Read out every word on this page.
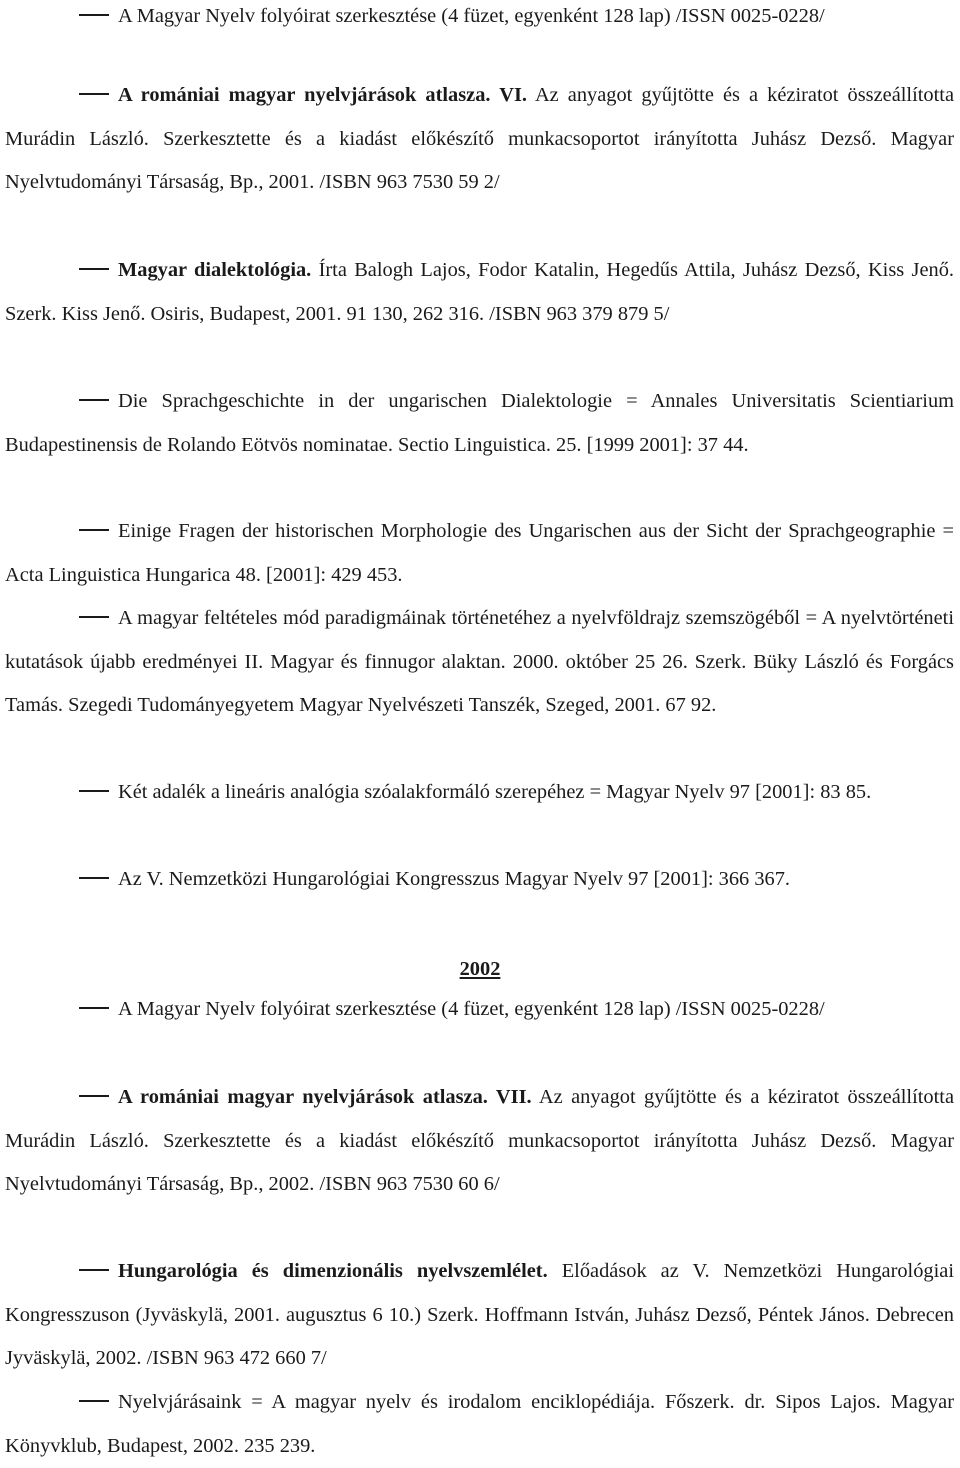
A Magyar Nyelv folyóirat szerkesztése (4 füzet, egyenként 128 lap) /ISSN 0025-0228/

A romániai magyar nyelvjárások atlasza. VI. Az anyagot gyűjtötte és a kéziratot összeállította Murádin László. Szerkesztette és a kiadást előkészítő munkacsoportot irányította Juhász Dezső. Magyar Nyelvtudományi Társaság, Bp., 2001. /ISBN 963 7530 59 2/

Magyar dialektológia. Írta Balogh Lajos, Fodor Katalin, Hegedűs Attila, Juhász Dezső, Kiss Jenő. Szerk. Kiss Jenő. Osiris, Budapest, 2001. 91 130, 262 316. /ISBN 963 379 879 5/

Die Sprachgeschichte in der ungarischen Dialektologie = Annales Universitatis Scientiarium Budapestinensis de Rolando Eötvös nominatae. Sectio Linguistica. 25. [1999 2001]: 37 44.

Einige Fragen der historischen Morphologie des Ungarischen aus der Sicht der Sprachgeographie = Acta Linguistica Hungarica 48. [2001]: 429 453.

A magyar feltételes mód paradigmáinak történetéhez a nyelvföldrajz szemszögéből = A nyelvtörténeti kutatások újabb eredményei II. Magyar és finnugor alaktan. 2000. október 25 26. Szerk. Büky László és Forgács Tamás. Szegedi Tudományegyetem Magyar Nyelvészeti Tanszék, Szeged, 2001. 67 92.

Két adalék a lineáris analógia szóalakformáló szerepéhez = Magyar Nyelv 97 [2001]: 83 85.

Az V. Nemzetközi Hungarológiai Kongresszus Magyar Nyelv 97 [2001]: 366 367.

2002

A Magyar Nyelv folyóirat szerkesztése (4 füzet, egyenként 128 lap) /ISSN 0025-0228/

A romániai magyar nyelvjárások atlasza. VII. Az anyagot gyűjtötte és a kéziratot összeállította Murádin László. Szerkesztette és a kiadást előkészítő munkacsoportot irányította Juhász Dezső. Magyar Nyelvtudományi Társaság, Bp., 2002. /ISBN 963 7530 60 6/

Hungarológia és dimenzionális nyelvszemlélet. Előadások az V. Nemzetközi Hungarológiai Kongresszuson (Jyväskylä, 2001. augusztus 6 10.) Szerk. Hoffmann István, Juhász Dezső, Péntek János. Debrecen Jyväskylä, 2002. /ISBN 963 472 660 7/

Nyelvjárásaink = A magyar nyelv és irodalom enciklopédiája. Főszerk. dr. Sipos Lajos. Magyar Könyvklub, Budapest, 2002. 235 239.
